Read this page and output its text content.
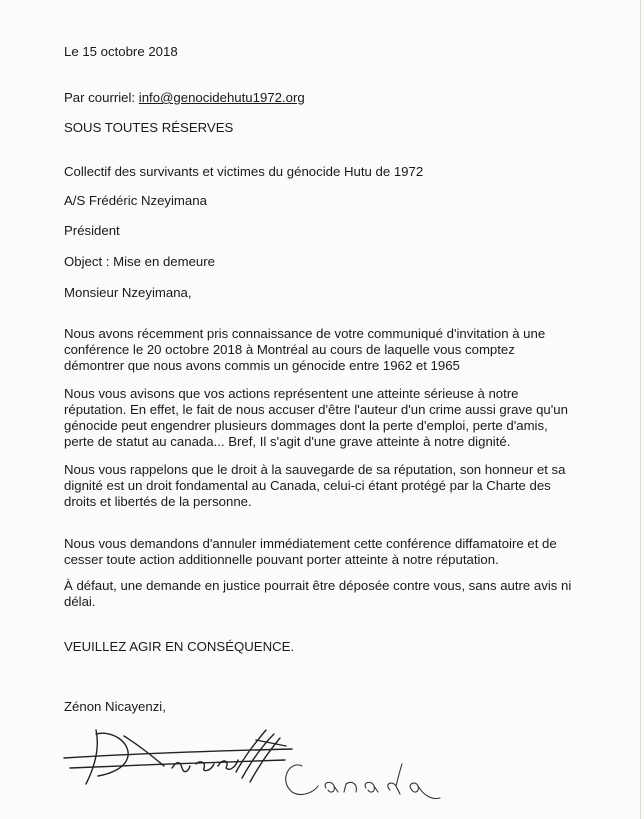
Le 15 octobre 2018

Par courriel: info@genocidehutu1972.org

SOUS TOUTES RÉSERVES

Collectif des survivants et victimes du génocide Hutu de 1972

A/S Frédéric Nzeyimana

Président

Object : Mise en demeure

Monsieur Nzeyimana,

Nous avons récemment pris connaissance de votre communiqué d'invitation à une
conférence le 20 octobre 2018 à Montréal au cours de laquelle vous comptez
démontrer que nous avons commis un génocide entre 1962 et 1965
Nous vous avisons que vos actions représentent une atteinte sérieuse à notre
réputation. En effet, le fait de nous accuser d'être l'auteur d'un crime aussi grave qu'un
génocide peut engendrer plusieurs dommages dont la perte d'emploi, perte d'amis,
perte de statut au canada... Bref, Il s'agit d'une grave atteinte à notre dignité.
Nous vous rappelons que le droit à la sauvegarde de sa réputation, son honneur et sa
dignité est un droit fondamental au Canada, celui-ci étant protégé par la Charte des
droits et libertés de la personne.
Nous vous demandons d'annuler immédiatement cette conférence diffamatoire et de
cesser toute action additionnelle pouvant porter atteinte à notre réputation.
À défaut, une demande en justice pourrait être déposée contre vous, sans autre avis ni
délai.

VEUILLEZ AGIR EN CONSÉQUENCE.

Zénon Nicayenzi,
